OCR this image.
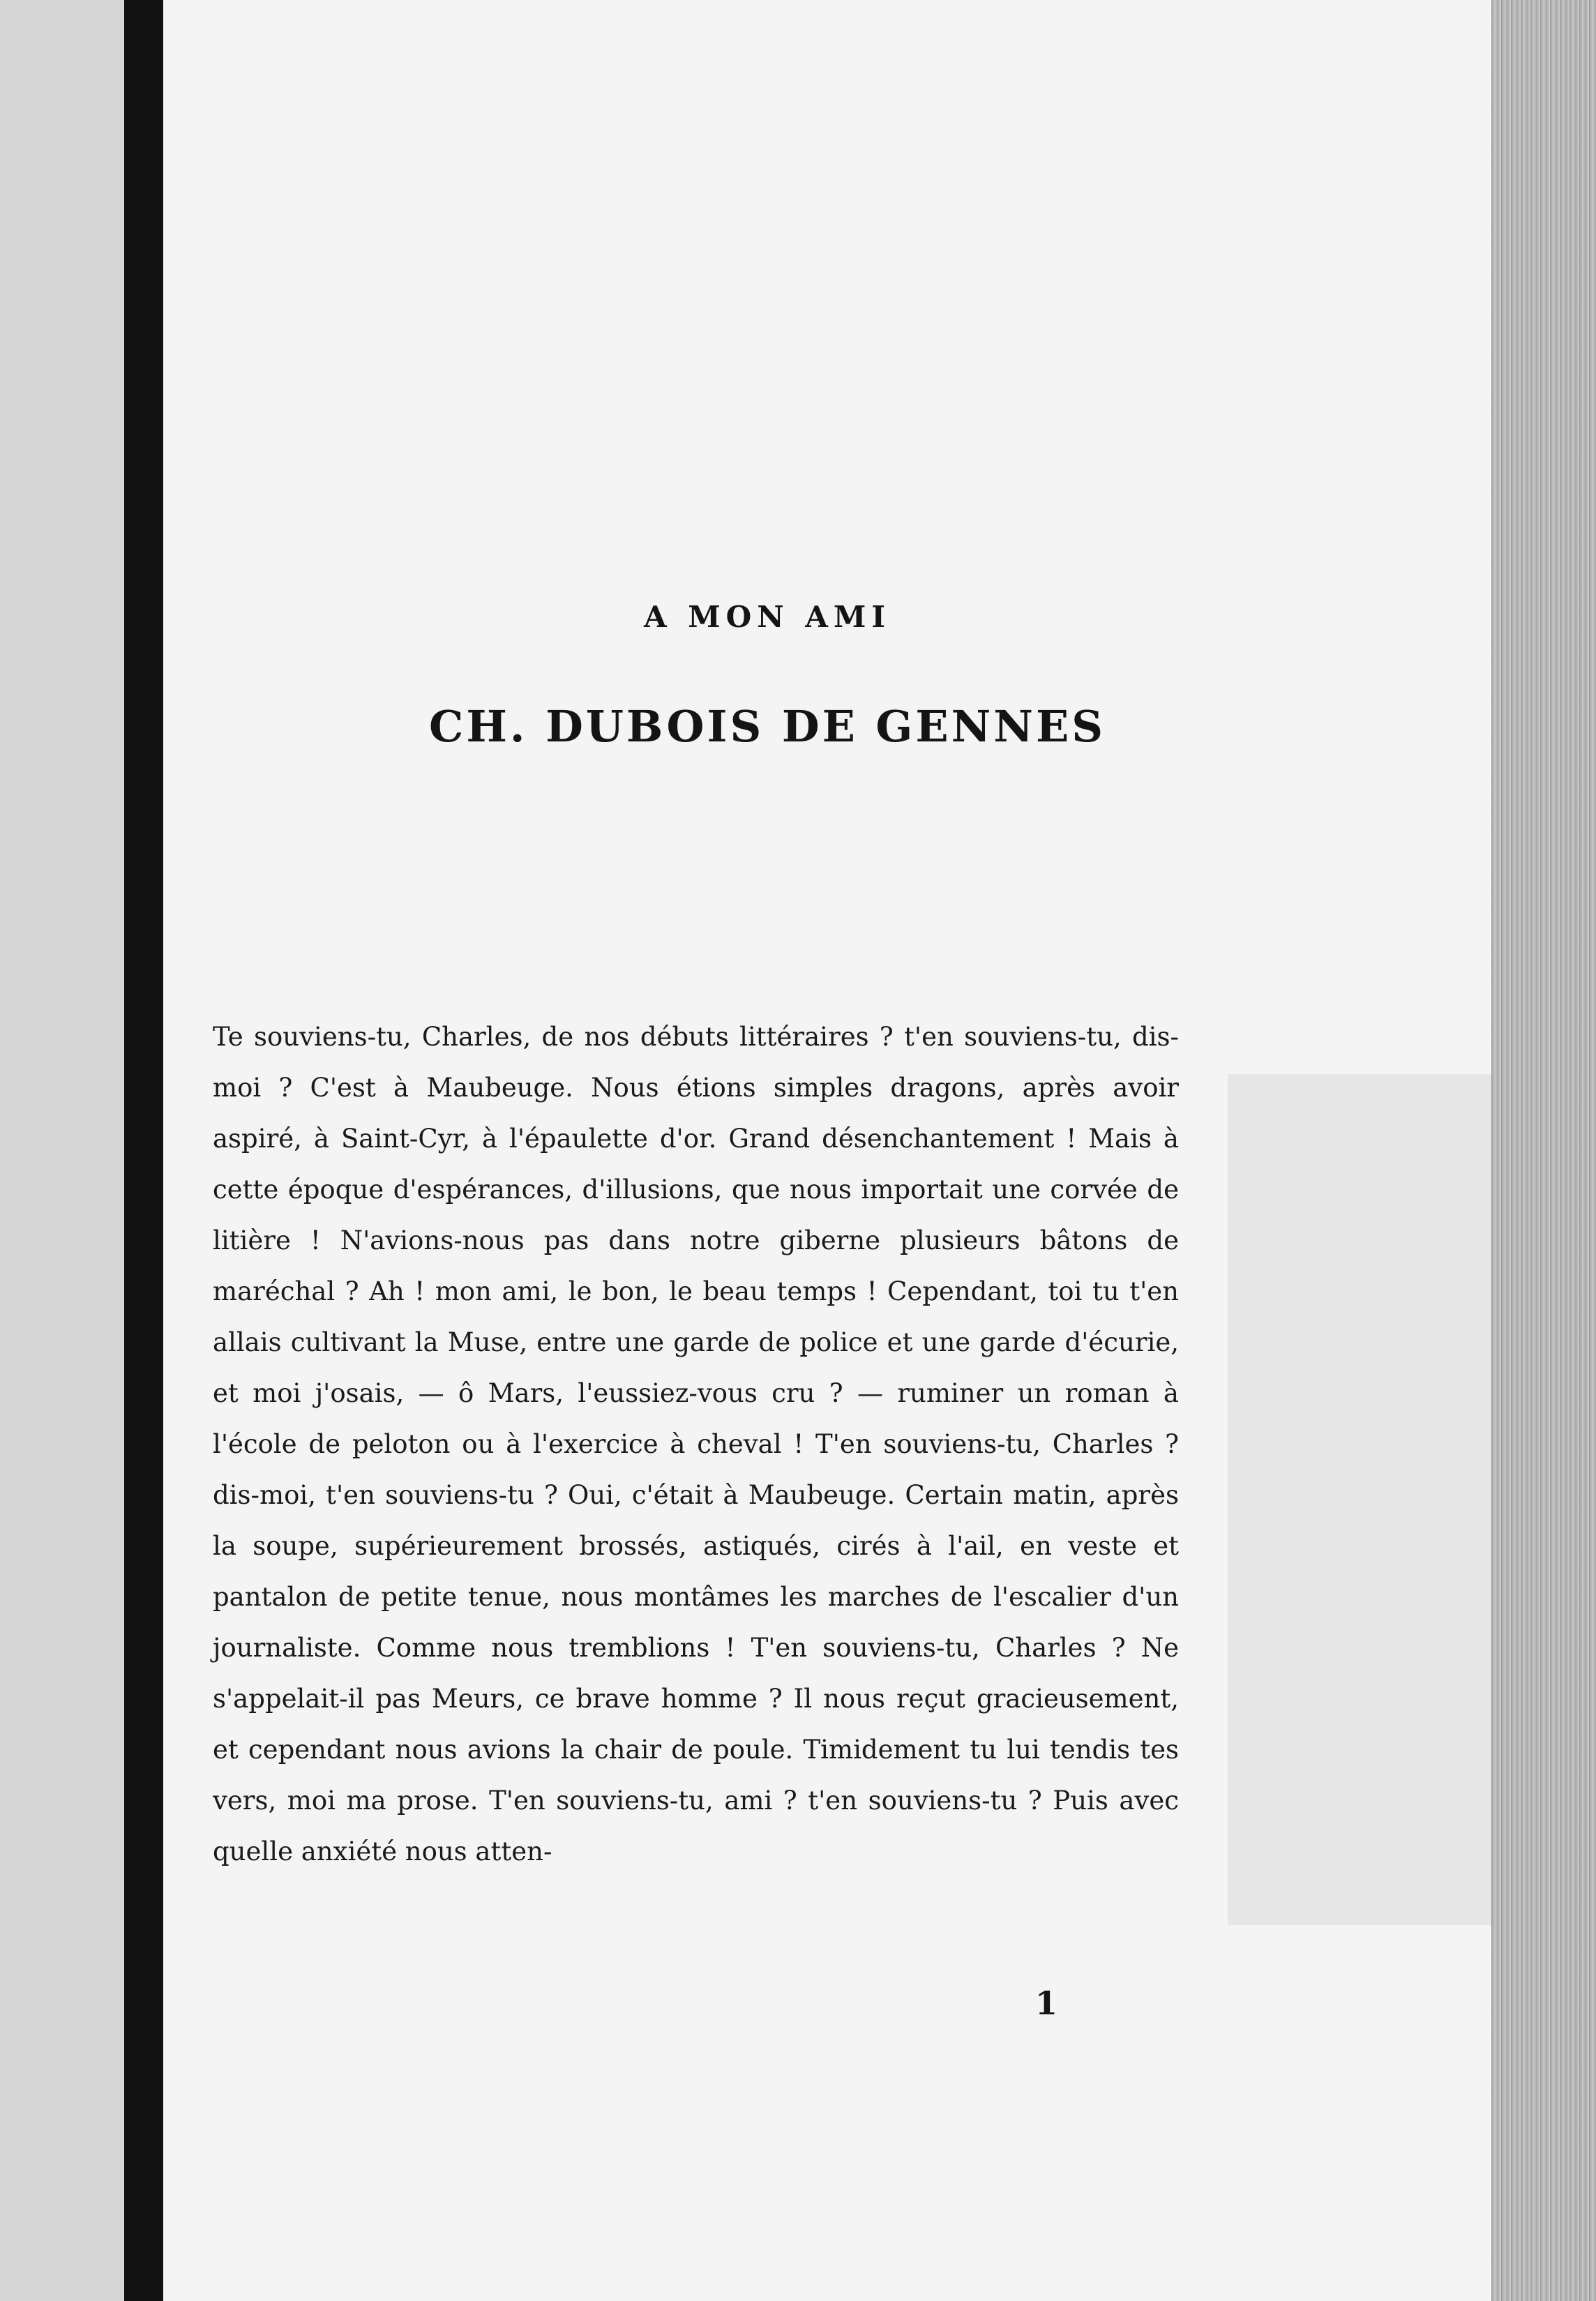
A MON AMI
CH. DUBOIS DE GENNES

Te souviens-tu, Charles, de nos débuts littéraires ? t'en souviens-tu, dis-moi ? C'est à Maubeuge. Nous étions simples dragons, après avoir aspiré, à Saint-Cyr, à l'épaulette d'or. Grand désenchantement ! Mais à cette époque d'espérances, d'illusions, que nous importait une corvée de litière ! N'avions-nous pas dans notre giberne plusieurs bâtons de maréchal ? Ah ! mon ami, le bon, le beau temps ! Cependant, toi tu t'en allais cultivant la Muse, entre une garde de police et une garde d'écurie, et moi j'osais, — ô Mars, l'eussiez-vous cru ? — ruminer un roman à l'école de peloton ou à l'exercice à cheval ! T'en souviens-tu, Charles ? dis-moi, t'en souviens-tu ? Oui, c'était à Maubeuge. Certain matin, après la soupe, supérieurement brossés, astiqués, cirés à l'ail, en veste et pantalon de petite tenue, nous montâmes les marches de l'escalier d'un journaliste. Comme nous tremblions ! T'en souviens-tu, Charles ? Ne s'appelait-il pas Meurs, ce brave homme ? Il nous reçut gracieusement, et cependant nous avions la chair de poule. Timidement tu lui tendis tes vers, moi ma prose. T'en souviens-tu, ami ? t'en souviens-tu ? Puis avec quelle anxiété nous atten-

1
